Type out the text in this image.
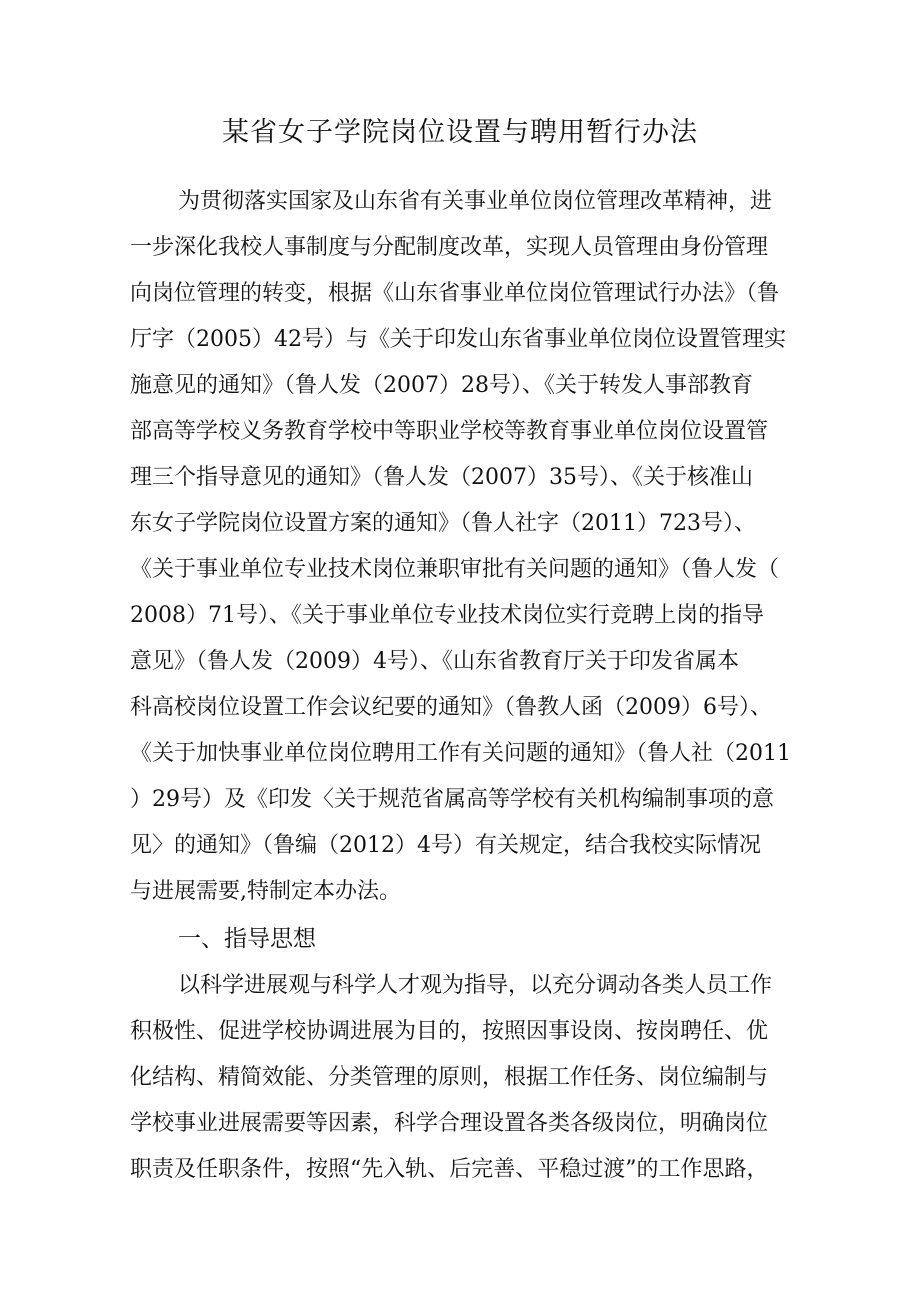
某省女子学院岗位设置与聘用暂行办法
为贯彻落实国家及山东省有关事业单位岗位管理改革精神，进
一步深化我校人事制度与分配制度改革，实现人员管理由身份管理
向岗位管理的转变，根据《山东省事业单位岗位管理试行办法》（鲁
厅字（2005）42号）与《关于印发山东省事业单位岗位设置管理实
施意见的通知》（鲁人发（2007）28号）、《关于转发人事部教育
部高等学校义务教育学校中等职业学校等教育事业单位岗位设置管
理三个指导意见的通知》（鲁人发（2007）35号）、《关于核准山
东女子学院岗位设置方案的通知》（鲁人社字（2011）723号）、
《关于事业单位专业技术岗位兼职审批有关问题的通知》（鲁人发（
2008）71号）、《关于事业单位专业技术岗位实行竞聘上岗的指导
意见》（鲁人发（2009）4号）、《山东省教育厅关于印发省属本
科高校岗位设置工作会议纪要的通知》（鲁教人函（2009）6号）、
《关于加快事业单位岗位聘用工作有关问题的通知》（鲁人社（2011
）29号）及《印发〈关于规范省属高等学校有关机构编制事项的意
见〉的通知》（鲁编（2012）4号）有关规定，结合我校实际情况
与进展需要,特制定本办法。
一、指导思想
以科学进展观与科学人才观为指导，以充分调动各类人员工作
积极性、促进学校协调进展为目的，按照因事设岗、按岗聘任、优
化结构、精简效能、分类管理的原则，根据工作任务、岗位编制与
学校事业进展需要等因素，科学合理设置各类各级岗位，明确岗位
职责及任职条件，按照“先入轨、后完善、平稳过渡”的工作思路，
